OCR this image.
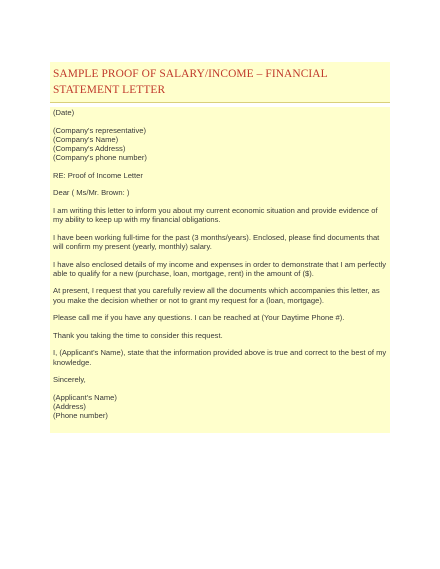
SAMPLE PROOF OF SALARY/INCOME – FINANCIAL STATEMENT LETTER

(Date)

(Company's representative)

(Company's Name)

(Company's Address)

(Company's phone number)

RE: Proof of Income Letter

Dear ( Ms/Mr. Brown: )

I am writing this letter to inform you about my current economic situation and provide evidence of my ability to keep up with my financial obligations.

I have been working full-time for the past (3 months/years). Enclosed, please find documents that will confirm my present (yearly, monthly) salary.

I have also enclosed details of my income and expenses in order to demonstrate that I am perfectly able to qualify for a new (purchase, loan, mortgage, rent) in the amount of ($).

At present, I request that you carefully review all the documents which accompanies this letter, as you make the decision whether or not to grant my request for a (loan, mortgage).

Please call me if you have any questions. I can be reached at (Your Daytime Phone #).

Thank you taking the time to consider this request.

I, (Applicant's Name), state that the information provided above is true and correct to the best of my knowledge.

Sincerely,

(Applicant's Name)

(Address)

(Phone number)
